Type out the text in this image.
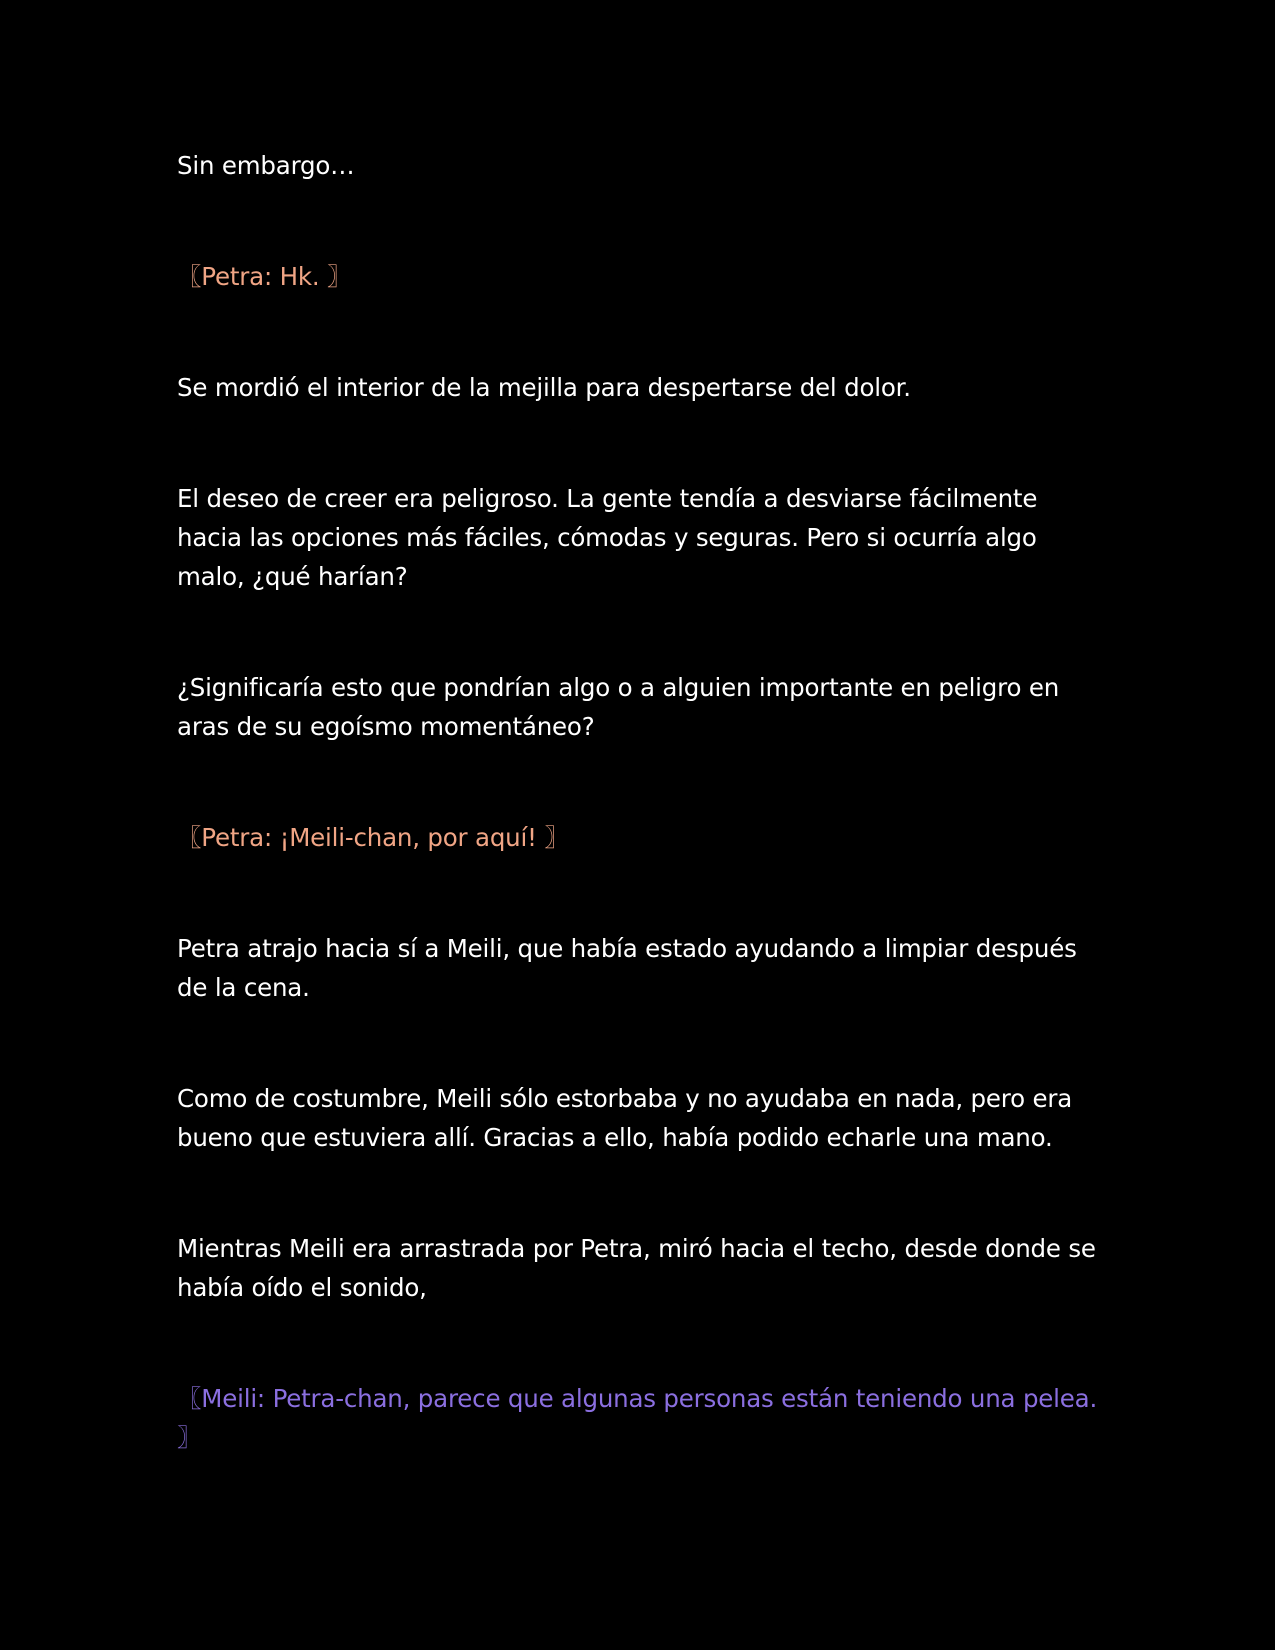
Sin embargo…

〖Petra: Hk. 〗

Se mordió el interior de la mejilla para despertarse del dolor.

El deseo de creer era peligroso. La gente tendía a desviarse fácilmente hacia las opciones más fáciles, cómodas y seguras. Pero si ocurría algo malo, ¿qué harían?

¿Significaría esto que pondrían algo o a alguien importante en peligro en aras de su egoísmo momentáneo?

〖Petra: ¡Meili-chan, por aquí! 〗

Petra atrajo hacia sí a Meili, que había estado ayudando a limpiar después de la cena.

Como de costumbre, Meili sólo estorbaba y no ayudaba en nada, pero era bueno que estuviera allí. Gracias a ello, había podido echarle una mano.

Mientras Meili era arrastrada por Petra, miró hacia el techo, desde donde se había oído el sonido,

〖Meili: Petra-chan, parece que algunas personas están teniendo una pelea. 〗
